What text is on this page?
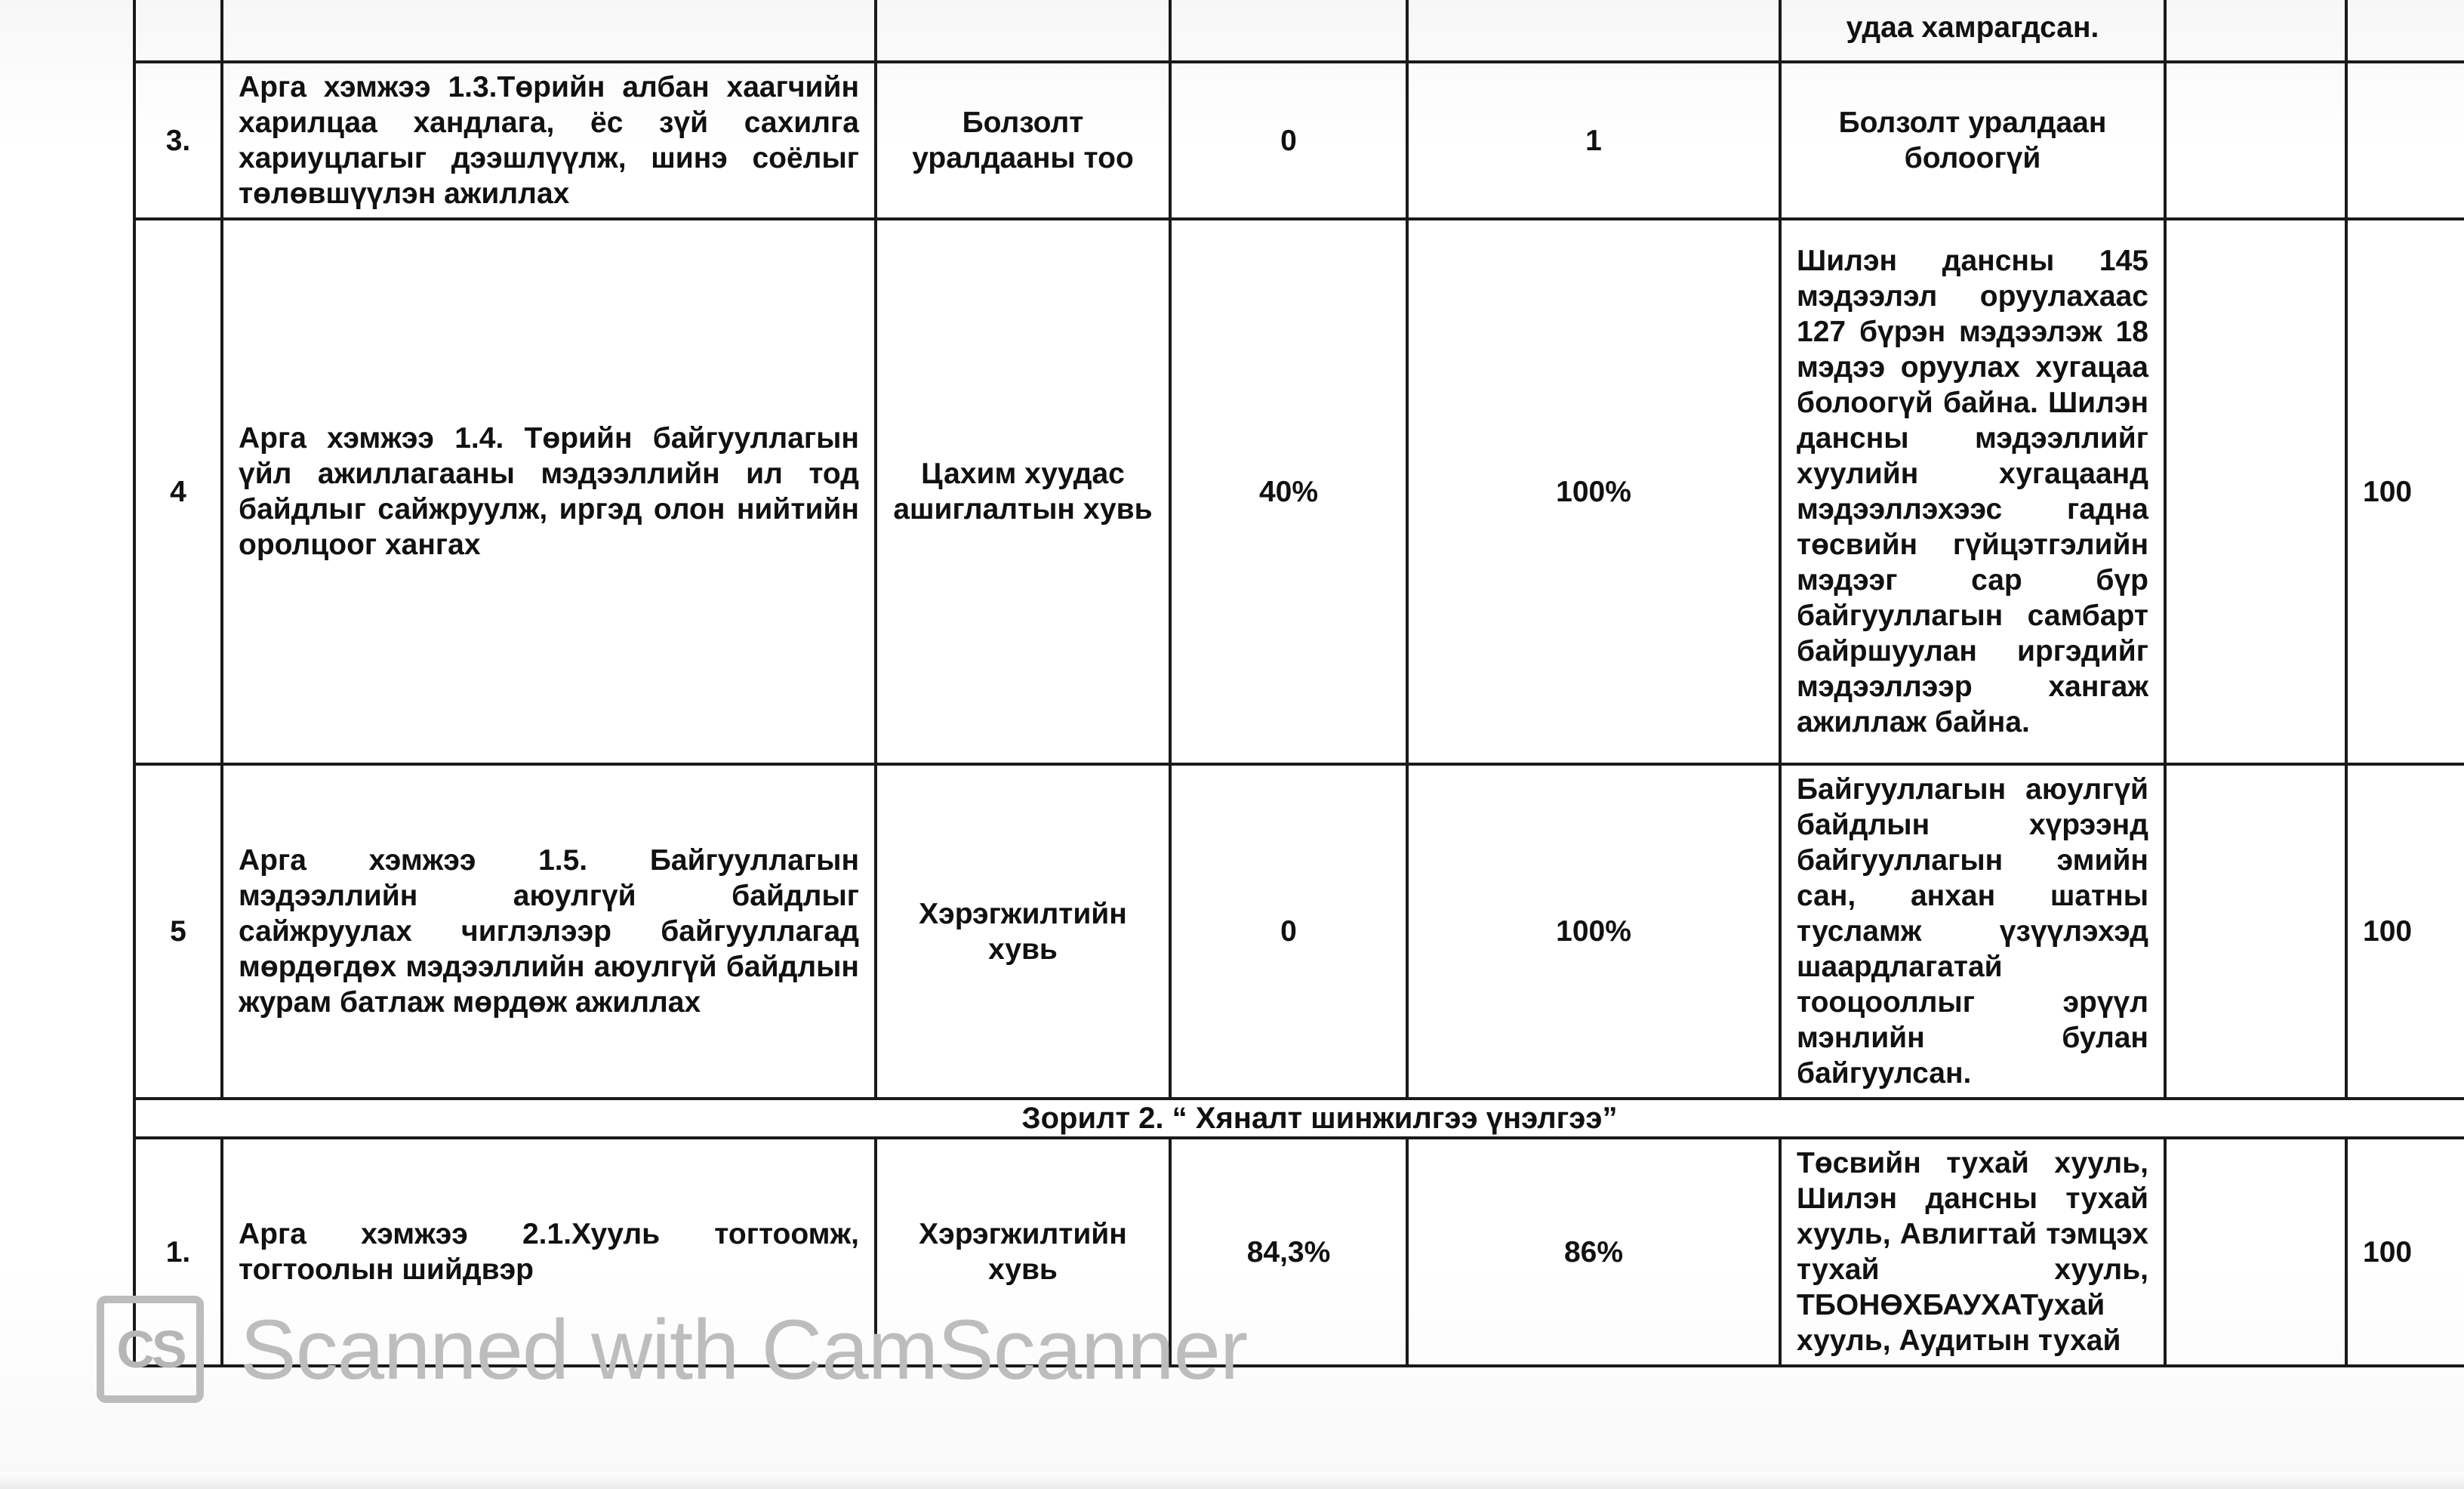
					удаа хамрагдсан.		
3.	Арга хэмжээ 1.3.Төрийн албан хаагчийн харилцаа хандлага, ёс зүй сахилга хариуцлагыг дээшлүүлж, шинэ соёлыг төлөвшүүлэн ажиллах	Болзолт уралдааны тоо	0	1	Болзолт уралдаан болоогүй		
4	Арга хэмжээ 1.4. Төрийн байгууллагын үйл ажиллагааны мэдээллийн ил тод байдлыг сайжруулж, иргэд олон нийтийн оролцоог хангах	Цахим хуудас ашиглалтын хувь	40%	100%	Шилэн дансны 145 мэдээлэл оруулахаас 127 бүрэн мэдээлэж 18 мэдээ оруулах хугацаа болоогүй байна. Шилэн дансны мэдээллийг хуулийн хугацаанд мэдээллэхээс гадна төсвийн гүйцэтгэлийн мэдээг сар бүр байгууллагын самбарт байршуулан иргэдийг мэдээллээр хангаж ажиллаж байна.		100
5	Арга хэмжээ 1.5. Байгууллагын мэдээллийн аюулгүй байдлыг сайжруулах чиглэлээр байгууллагад мөрдөгдөх мэдээллийн аюулгүй байдлын журам батлаж мөрдөж ажиллах	Хэрэгжилтийн хувь	0	100%	Байгууллагын аюулгүй байдлын хүрээнд байгууллагын эмийн сан, анхан шатны тусламж үзүүлэхэд шаардлагатай тооцооллыг эрүүл мэнлийн булан байгуулсан.		100
Зорилт 2. “ Хяналт шинжилгээ үнэлгээ”							
1.	Арга хэмжээ 2.1.Хууль тогтоомж, тогтоолын шийдвэр	Хэрэгжилтийн хувь	84,3%	86%	Төсвийн тухай хууль, Шилэн дансны тухай хууль, Авлигтай тэмцэх тухай хууль, ТБОНӨХБАУХАТухай хууль, Аудитын тухай		100
CS Scanned with CamScanner
